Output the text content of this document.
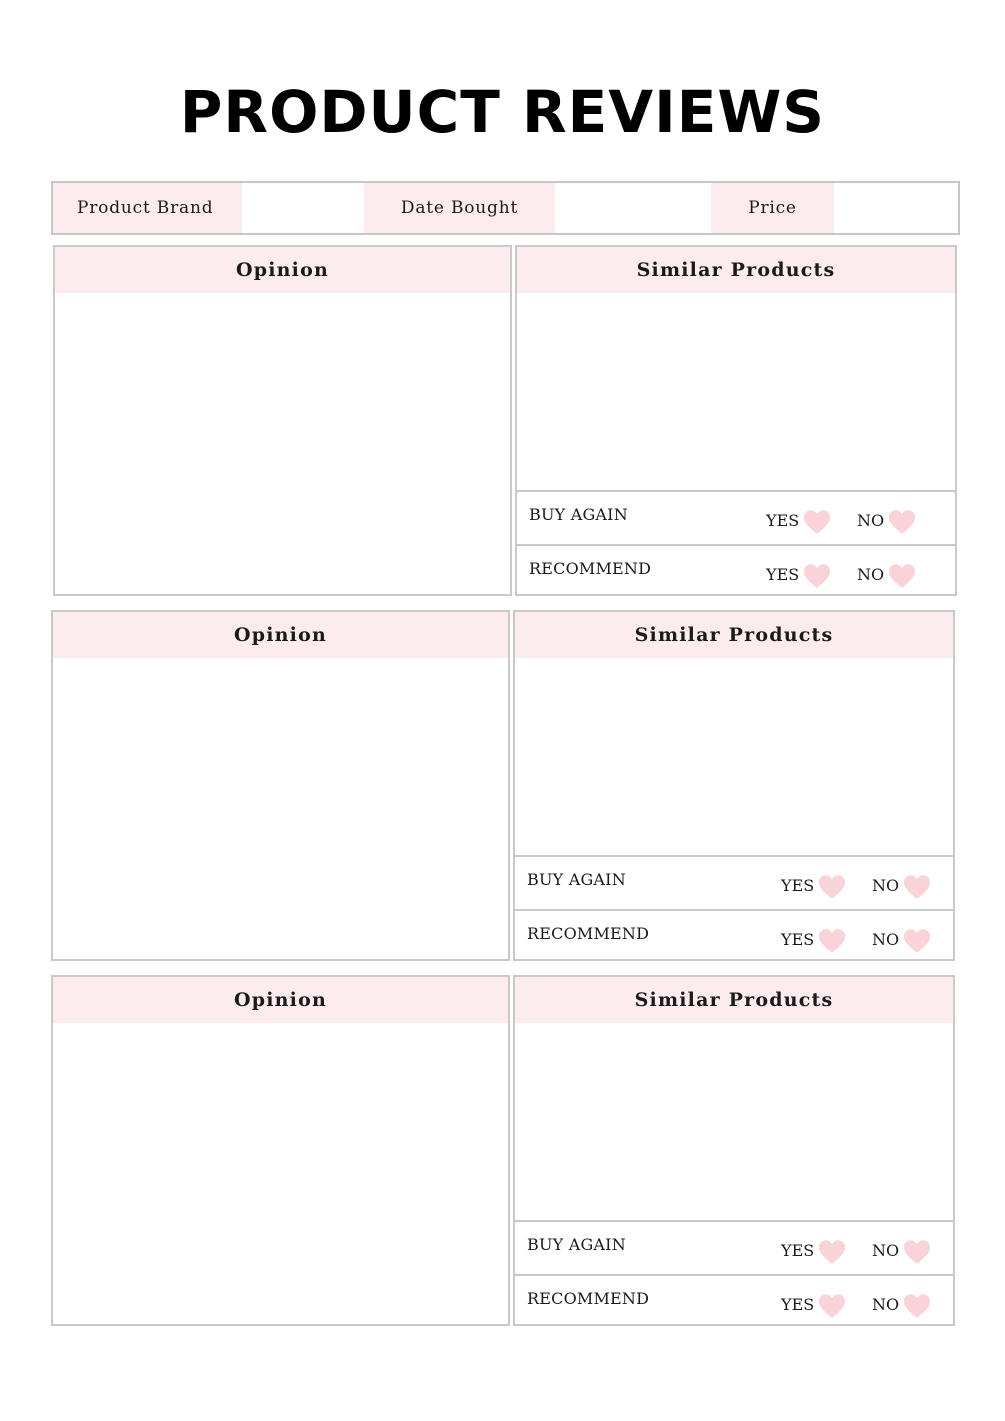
PRODUCT REVIEWS
Product Brand	Date Bought	Price
Opinion	Similar Products
BUY AGAIN	YES	NO
RECOMMEND	YES	NO
Opinion	Similar Products
BUY AGAIN	YES	NO
RECOMMEND	YES	NO
Opinion	Similar Products
BUY AGAIN	YES	NO
RECOMMEND	YES	NO
